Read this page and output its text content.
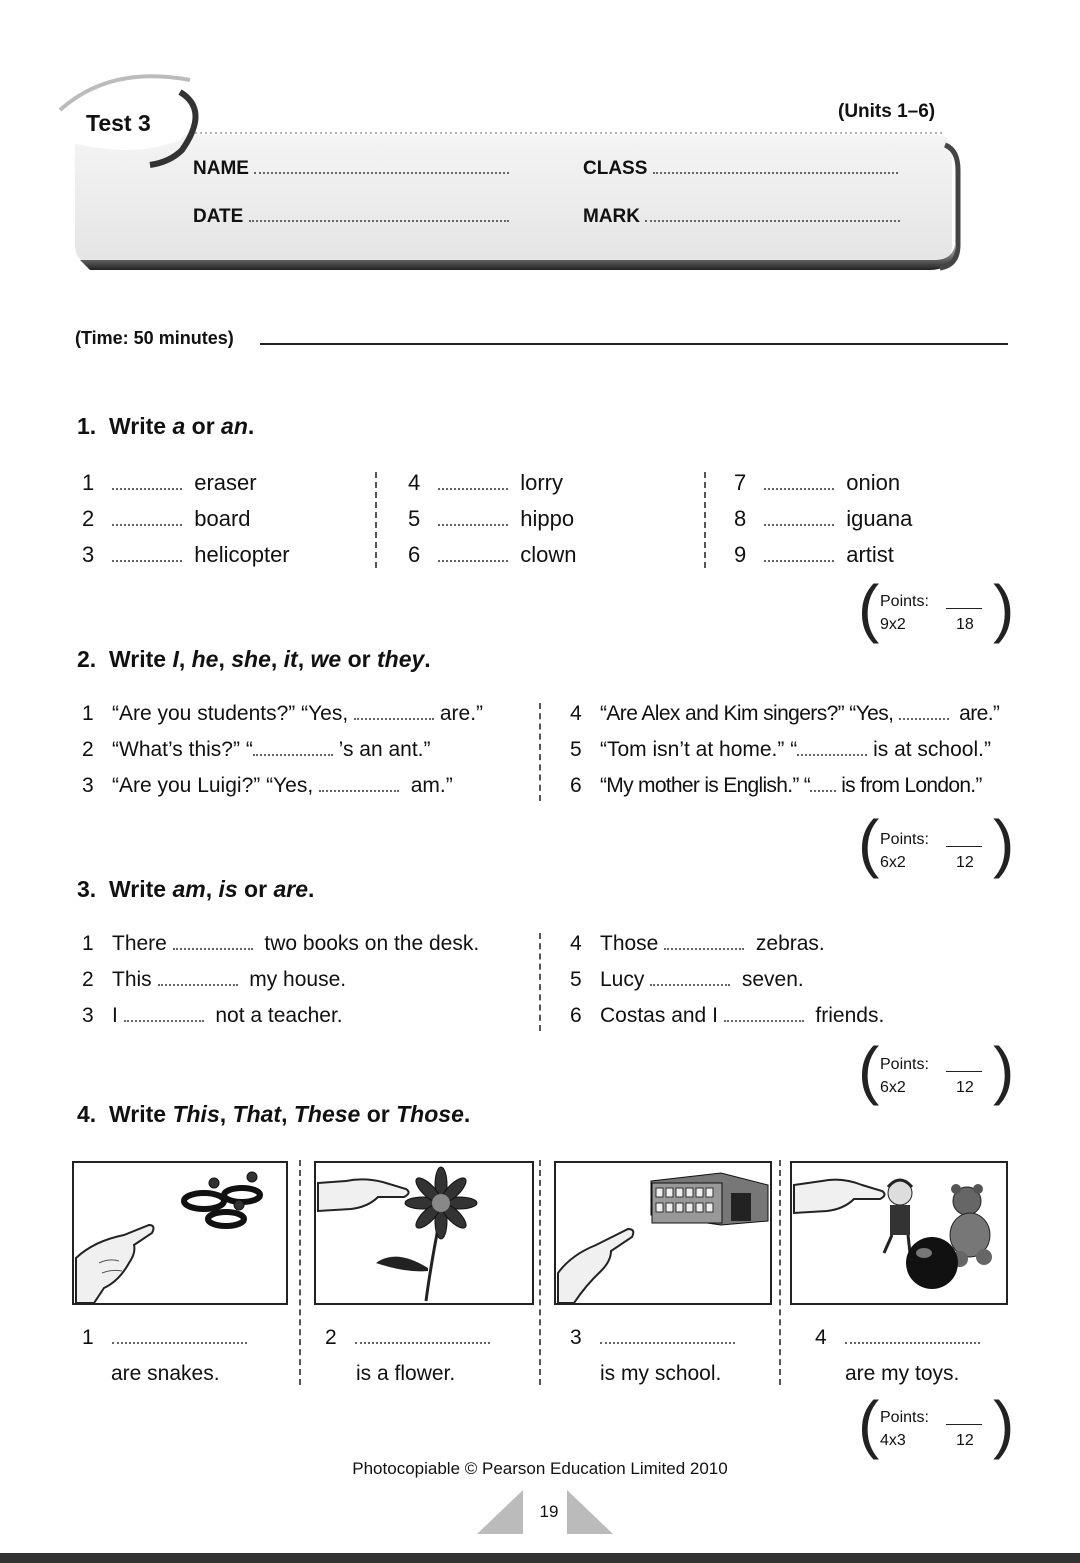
Test 3	(Units 1–6)
NAME	CLASS
DATE	MARK
(Time: 50 minutes)
1. Write a or an.
1	eraser
2	board
3	helicopter
4	lorry
5	hippo
6	clown
7	onion
8	iguana
9	artist
( Points:
9x2	18 )
2. Write I, he, she, it, we or they.
1 “Are you students?” “Yes,	are.”
2 “What’s this?” “	’s an ant.”
3 “Are you Luigi?” “Yes,	am.”
4 “Are Alex and Kim singers?” “Yes,	are.”
5 “Tom isn’t at home.” “	is at school.”
6 “My mother is English.” “ is from London.”
( Points:
6x2	12 )
3. Write am, is or are.
1 There	two books on the desk.
2 This	my house.
3 I	not a teacher.
4 Those	zebras.
5 Lucy	seven.
6 Costas and I	friends.
( Points:
6x2	12 )
4. Write This, That, These or Those.
1
are snakes.
2
is a flower.
3
is my school.
4
are my toys.
( Points:
4x3	12 )
Photocopiable © Pearson Education Limited 2010
19
